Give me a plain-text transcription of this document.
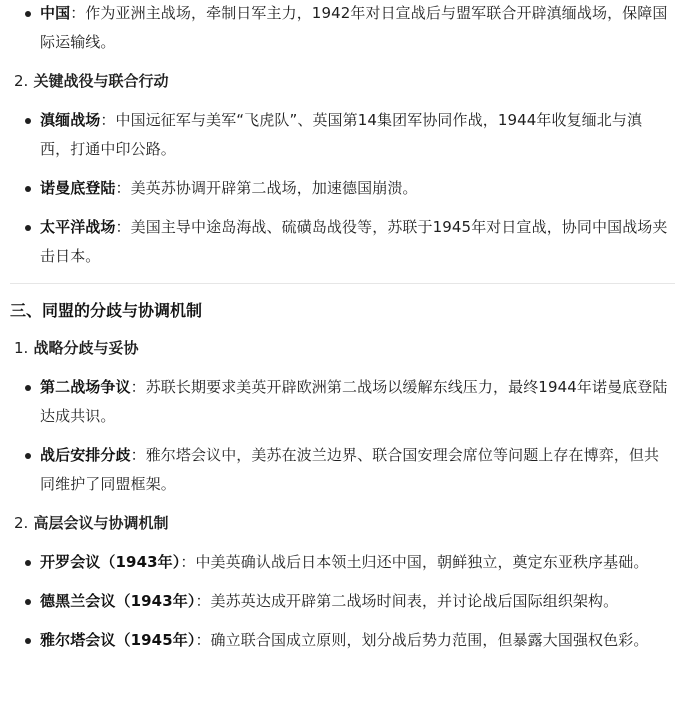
中国：作为亚洲主战场，牵制日军主力，1942年对日宣战后与盟军联合开辟滇缅战场，保障国际运输线。
2. 关键战役与联合行动
滇缅战场：中国远征军与美军“飞虎队”、英国第14集团军协同作战，1944年收复缅北与滇西，打通中印公路。
诺曼底登陆：美英苏协调开辟第二战场，加速德国崩溃。
太平洋战场：美国主导中途岛海战、硫磺岛战役等，苏联于1945年对日宣战，协同中国战场夹击日本。
三、同盟的分歧与协调机制
1. 战略分歧与妥协
第二战场争议：苏联长期要求美英开辟欧洲第二战场以缓解东线压力，最终1944年诺曼底登陆达成共识。
战后安排分歧：雅尔塔会议中，美苏在波兰边界、联合国安理会席位等问题上存在博弈，但共同维护了同盟框架。
2. 高层会议与协调机制
开罗会议（1943年）：中美英确认战后日本领土归还中国，朝鲜独立，奠定东亚秩序基础。
德黑兰会议（1943年）：美苏英达成开辟第二战场时间表，并讨论战后国际组织架构。
雅尔塔会议（1945年）：确立联合国成立原则，划分战后势力范围，但暴露大国强权色彩。
